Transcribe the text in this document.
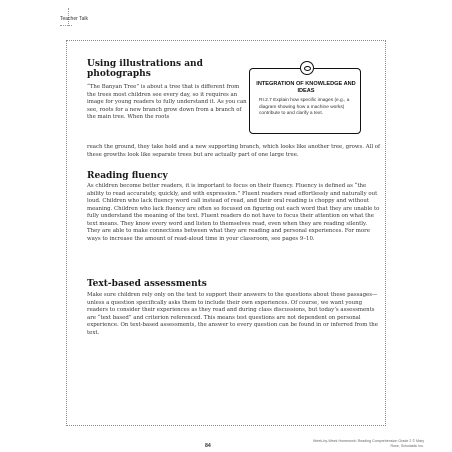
Teacher Talk
Using illustrations and photographs

“The Banyan Tree” is about a tree that is different from the trees most children see every day, so it requires an image for young readers to fully understand it. As you can see, roots for a new branch grow down from a branch of the main tree. When the roots

reach the ground, they take hold and a new supporting branch, which looks like another tree, grows. All of these growths look like separate trees but are actually part of one large tree.

INTEGRATION OF KNOWLEDGE AND IDEAS

RI.2.7 Explain how specific images (e.g., a diagram showing how a machine works) contribute to and clarify a text.

Reading fluency

As children become better readers, it is important to focus on their fluency. Fluency is defined as “the ability to read accurately, quickly, and with expression.” Fluent readers read effortlessly and naturally out loud. Children who lack fluency word call instead of read, and their oral reading is choppy and without meaning. Children who lack fluency are often so focused on figuring out each word that they are unable to fully understand the meaning of the text. Fluent readers do not have to focus their attention on what the text means. They know every word and listen to themselves read, even when they are reading silently. They are able to make connections between what they are reading and personal experiences. For more ways to increase the amount of read-aloud time in your classroom, see pages 9–10.

Text-based assessments

Make sure children rely only on the text to support their answers to the questions about these passages—unless a question specifically asks them to include their own experiences. Of course, we want young readers to consider their experiences as they read and during class discussions, but today’s assessments are “text based” and criterion referenced. This means test questions are not dependent on personal experience. On text-based assessments, the answer to every question can be found in or inferred from the text.

84
Week-by-Week Homework: Reading Comprehension Grade 2 © Mary Rose, Scholastic Inc.
